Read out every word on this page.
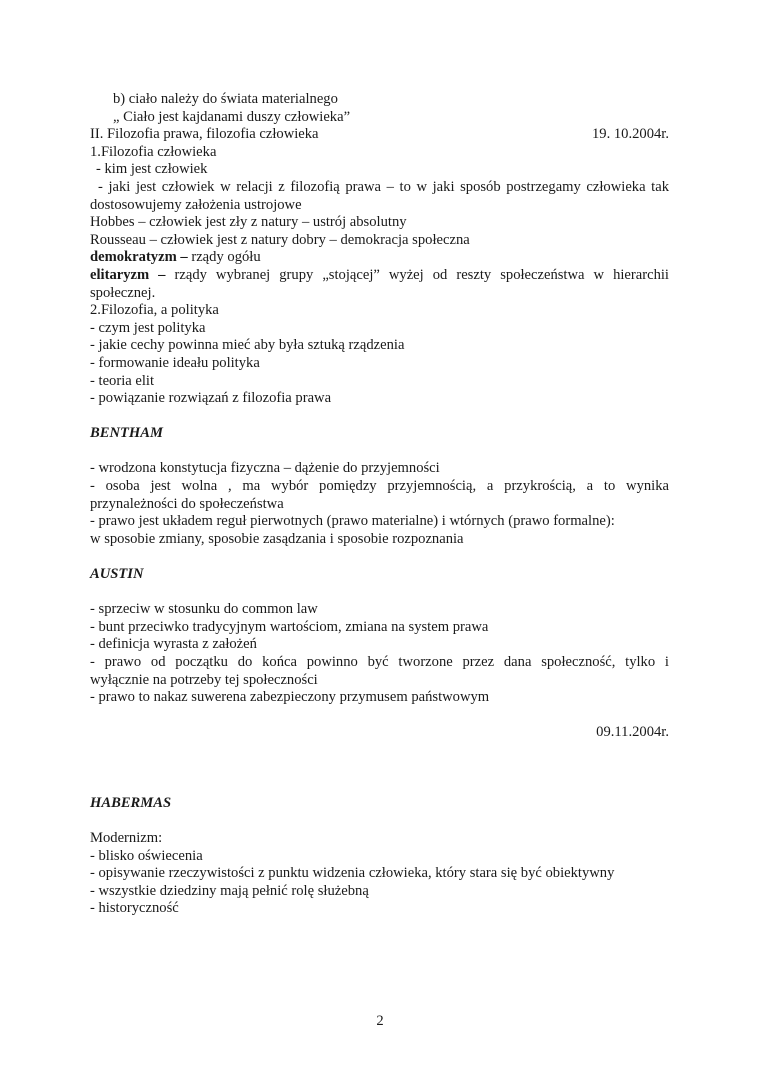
b) ciało należy do świata materialnego
„ Ciało jest kajdanami duszy człowieka”
II. Filozofia prawa, filozofia człowieka	19. 10.2004r.
1.Filozofia człowieka
- kim jest człowiek
- jaki jest człowiek w relacji z filozofią prawa – to w jaki sposób postrzegamy człowieka tak
dostosowujemy założenia ustrojowe
Hobbes – człowiek jest zły z natury – ustrój absolutny
Rousseau – człowiek jest z natury dobry – demokracja społeczna
demokratyzm – rządy ogółu
elitaryzm – rządy wybranej grupy „stojącej” wyżej od reszty społeczeństwa w hierarchii
społecznej.
2.Filozofia, a polityka
- czym jest polityka
- jakie cechy powinna mieć aby była sztuką rządzenia
- formowanie ideału polityka
- teoria elit
- powiązanie rozwiązań z filozofia prawa
BENTHAM
- wrodzona konstytucja fizyczna – dążenie do przyjemności
- osoba jest wolna , ma wybór pomiędzy przyjemnością, a przykrością, a to wynika
przynależności do społeczeństwa
- prawo jest układem reguł pierwotnych (prawo materialne) i wtórnych (prawo formalne):
w sposobie zmiany, sposobie zasądzania i sposobie rozpoznania
AUSTIN
- sprzeciw w stosunku do common law
- bunt przeciwko tradycyjnym wartościom, zmiana na system prawa
- definicja wyrasta z założeń
- prawo od początku do końca powinno być tworzone przez dana społeczność, tylko i
wyłącznie na potrzeby tej społeczności
- prawo to nakaz suwerena zabezpieczony przymusem państwowym
09.11.2004r.
HABERMAS
Modernizm:
- blisko oświecenia
- opisywanie rzeczywistości z punktu widzenia człowieka, który stara się być obiektywny
- wszystkie dziedziny mają pełnić rolę służebną
- historyczność
2
